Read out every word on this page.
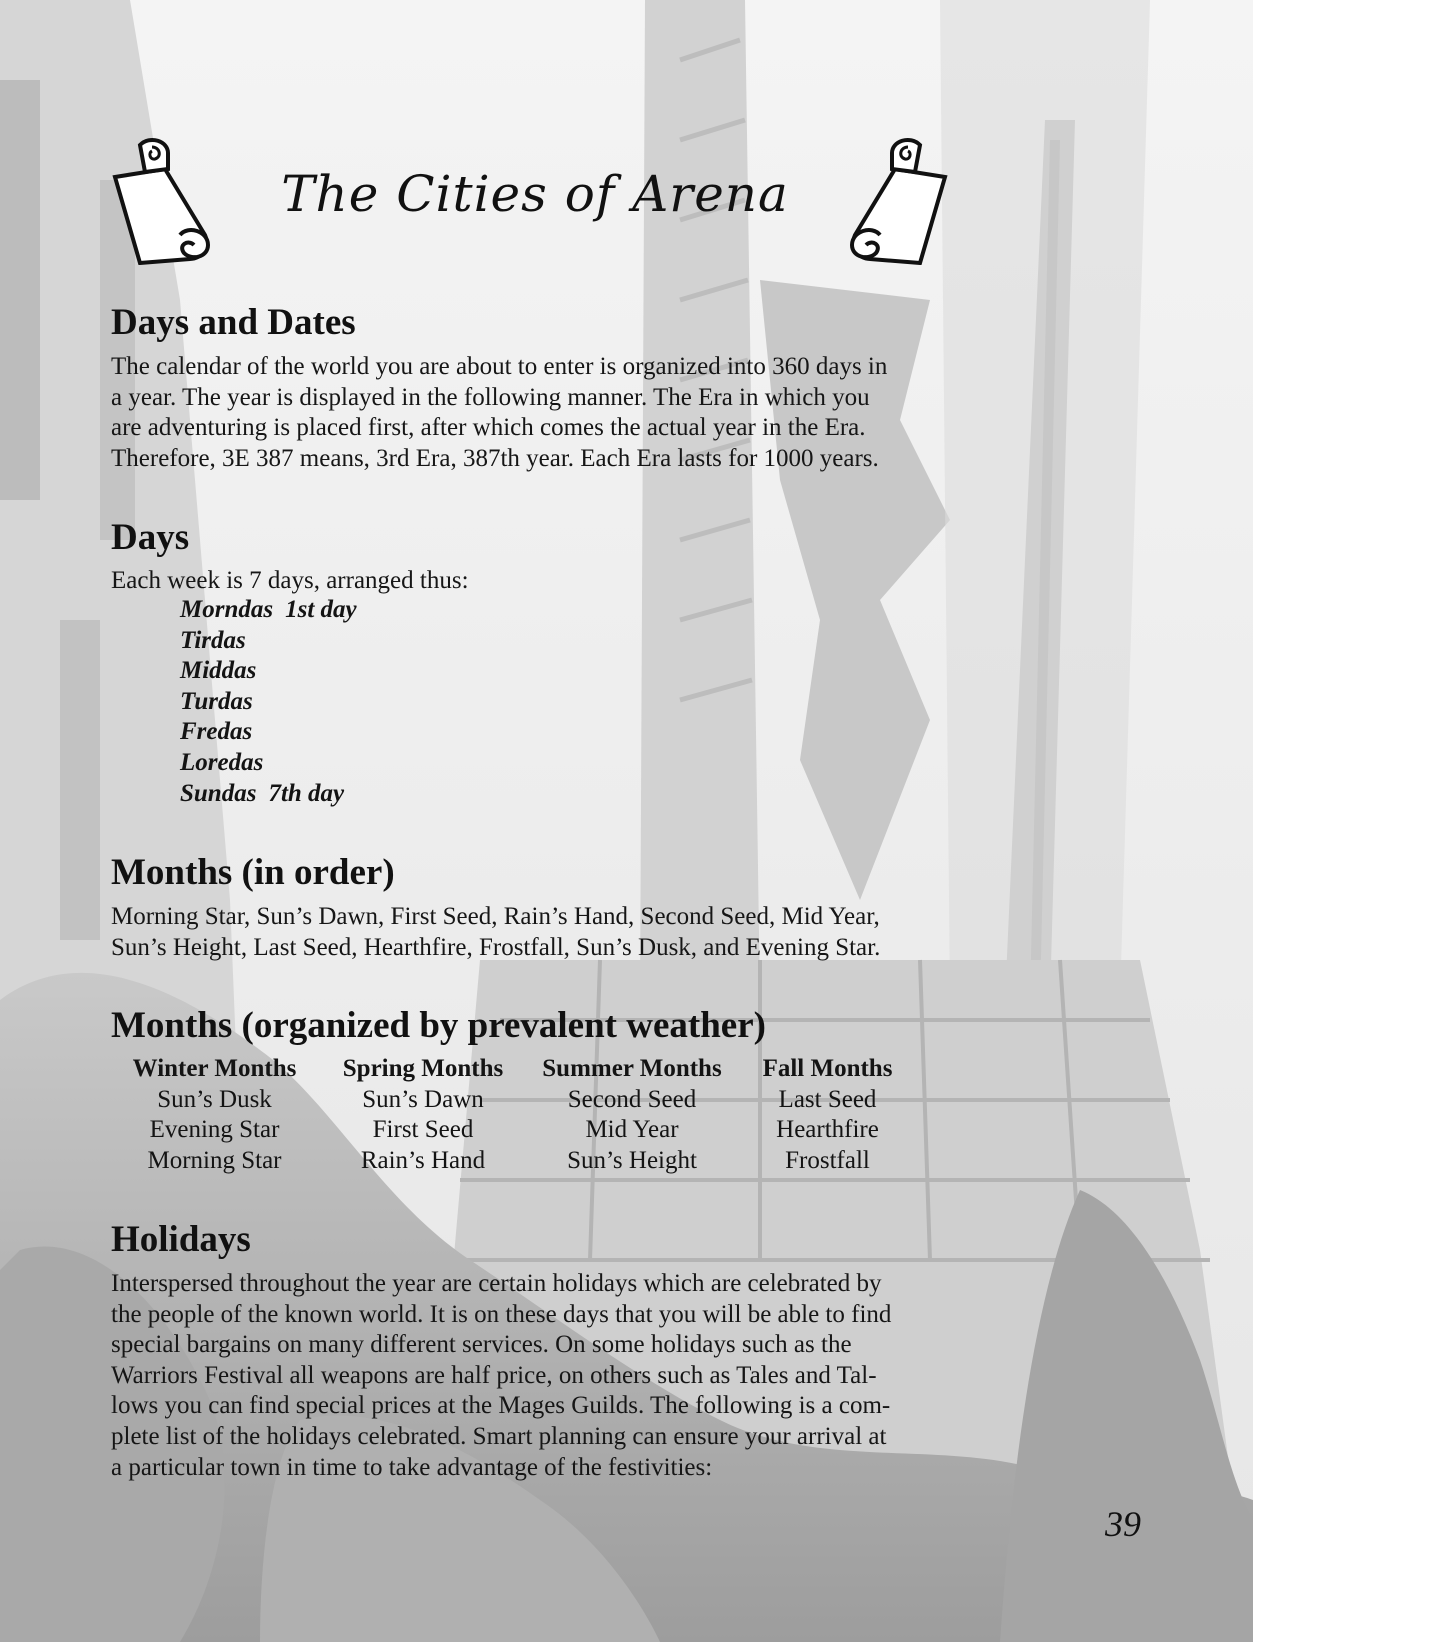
The Cities of Arena
Days and Dates

The calendar of the world you are about to enter is organized into 360 days in
a year. The year is displayed in the following manner. The Era in which you
are adventuring is placed first, after which comes the actual year in the Era.
Therefore, 3E 387 means, 3rd Era, 387th year. Each Era lasts for 1000 years.

Days

Each week is 7 days, arranged thus:

Morndas 1st day
Tirdas
Middas
Turdas
Fredas
Loredas
Sundas 7th day
Months (in order)

Morning Star, Sun’s Dawn, First Seed, Rain’s Hand, Second Seed, Mid Year,
Sun’s Height, Last Seed, Hearthfire, Frostfall, Sun’s Dusk, and Evening Star.

Months (organized by prevalent weather)
Winter Months	Spring Months	Summer Months	Fall Months
Sun’s Dusk	Sun’s Dawn	Second Seed	Last Seed
Evening Star	First Seed	Mid Year	Hearthfire
Morning Star	Rain’s Hand	Sun’s Height	Frostfall
Holidays

Interspersed throughout the year are certain holidays which are celebrated by
the people of the known world. It is on these days that you will be able to find
special bargains on many different services. On some holidays such as the
Warriors Festival all weapons are half price, on others such as Tales and Tal-
lows you can find special prices at the Mages Guilds. The following is a com-
plete list of the holidays celebrated. Smart planning can ensure your arrival at
a particular town in time to take advantage of the festivities:

39
